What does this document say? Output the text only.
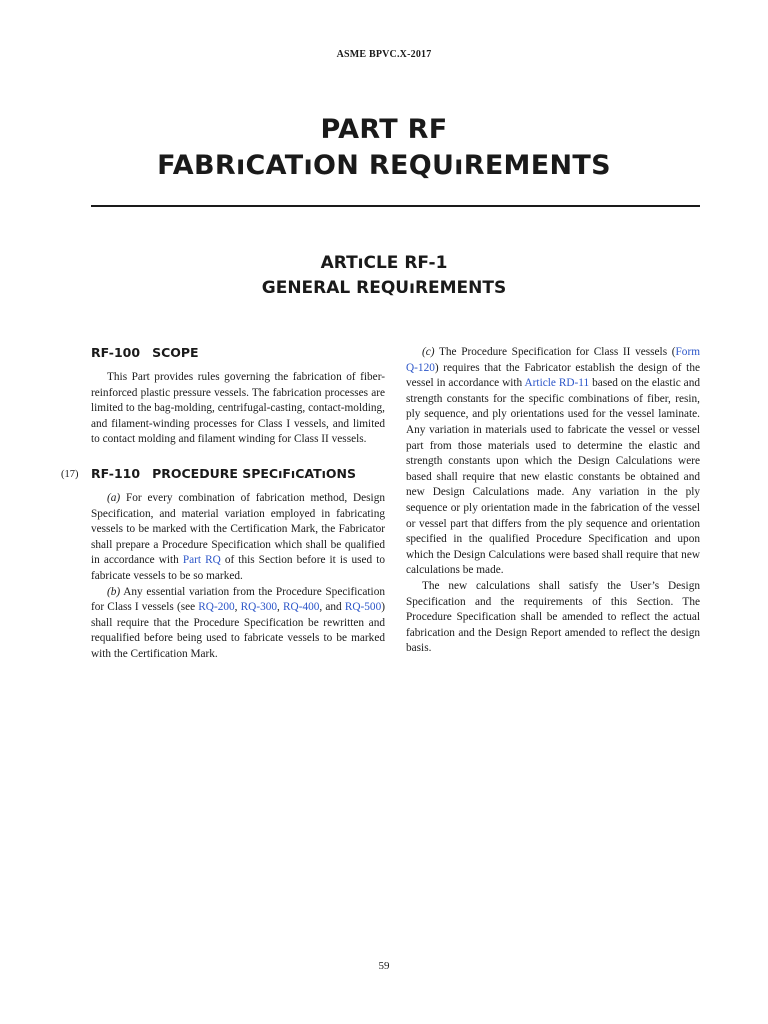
ASME BPVC.X-2017
PART RF
FABRıCATıON REQUıREMENTS
ARTıCLE RF-1
GENERAL REQUıREMENTS
RF-100 SCOPE

This Part provides rules governing the fabrication of fiber-reinforced plastic pressure vessels. The fabrication processes are limited to the bag-molding, centrifugal-casting, contact-molding, and filament-winding processes for Class I vessels, and limited to contact molding and filament winding for Class II vessels.

(17) RF-110 PROCEDURE SPECıFıCATıONS

(a) For every combination of fabrication method, Design Specification, and material variation employed in fabricating vessels to be marked with the Certification Mark, the Fabricator shall prepare a Procedure Specification which shall be qualified in accordance with Part RQ of this Section before it is used to fabricate vessels to be so marked.

(b) Any essential variation from the Procedure Specification for Class I vessels (see RQ-200, RQ-300, RQ-400, and RQ-500) shall require that the Procedure Specification be rewritten and requalified before being used to fabricate vessels to be marked with the Certification Mark.

(c) The Procedure Specification for Class II vessels (Form Q-120) requires that the Fabricator establish the design of the vessel in accordance with Article RD-11 based on the elastic and strength constants for the specific combinations of fiber, resin, ply sequence, and ply orientations used for the vessel laminate. Any variation in materials used to fabricate the vessel or vessel part from those materials used to determine the elastic and strength constants upon which the Design Calculations were based shall require that new elastic constants be obtained and new Design Calculations made. Any variation in the ply sequence or ply orientation made in the fabrication of the vessel or vessel part that differs from the ply sequence and orientation specified in the qualified Procedure Specification and upon which the Design Calculations were based shall require that new calculations be made.

The new calculations shall satisfy the User’s Design Specification and the requirements of this Section. The Procedure Specification shall be amended to reflect the actual fabrication and the Design Report amended to reflect the design basis.

59
